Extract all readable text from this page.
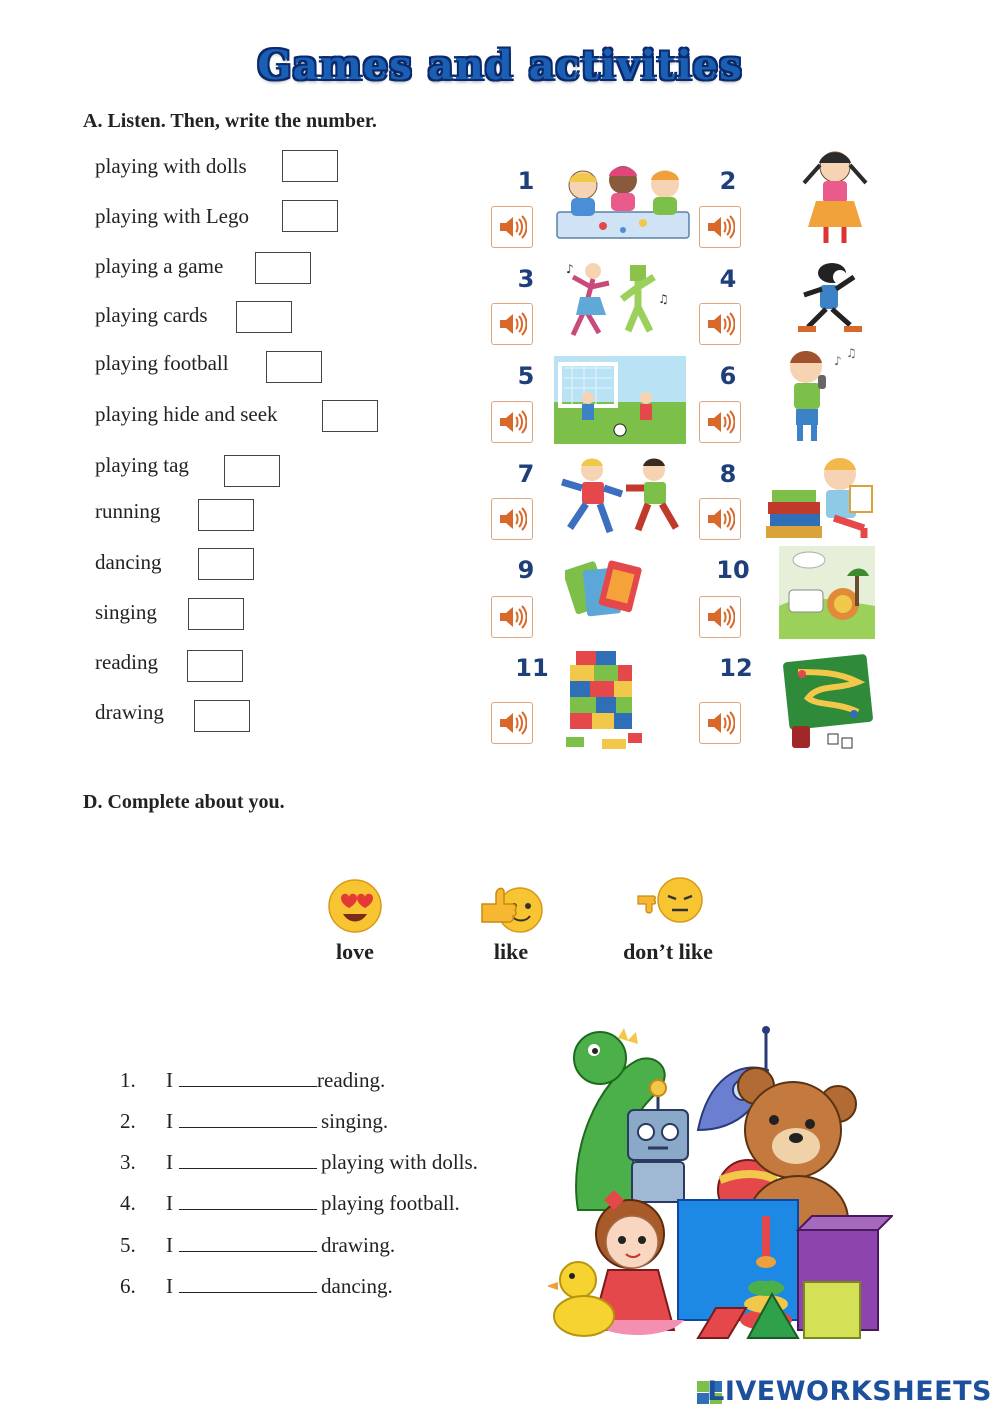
Games and activities
A. Listen. Then, write the number.
playing with dolls
playing with Lego
playing a game
playing cards
playing football
playing hide and seek
playing tag
running
dancing
singing
reading
drawing
1	2
3	4
5	6
7	8
9	10
11	12
♪
♫
♪
♫
D. Complete about you.
love	like	don’t like
1. I	reading.
2. I	singing.
3. I	playing with dolls.
4. I	playing football.
5. I	drawing.
6. I	dancing.
LIVEWORKSHEETS
